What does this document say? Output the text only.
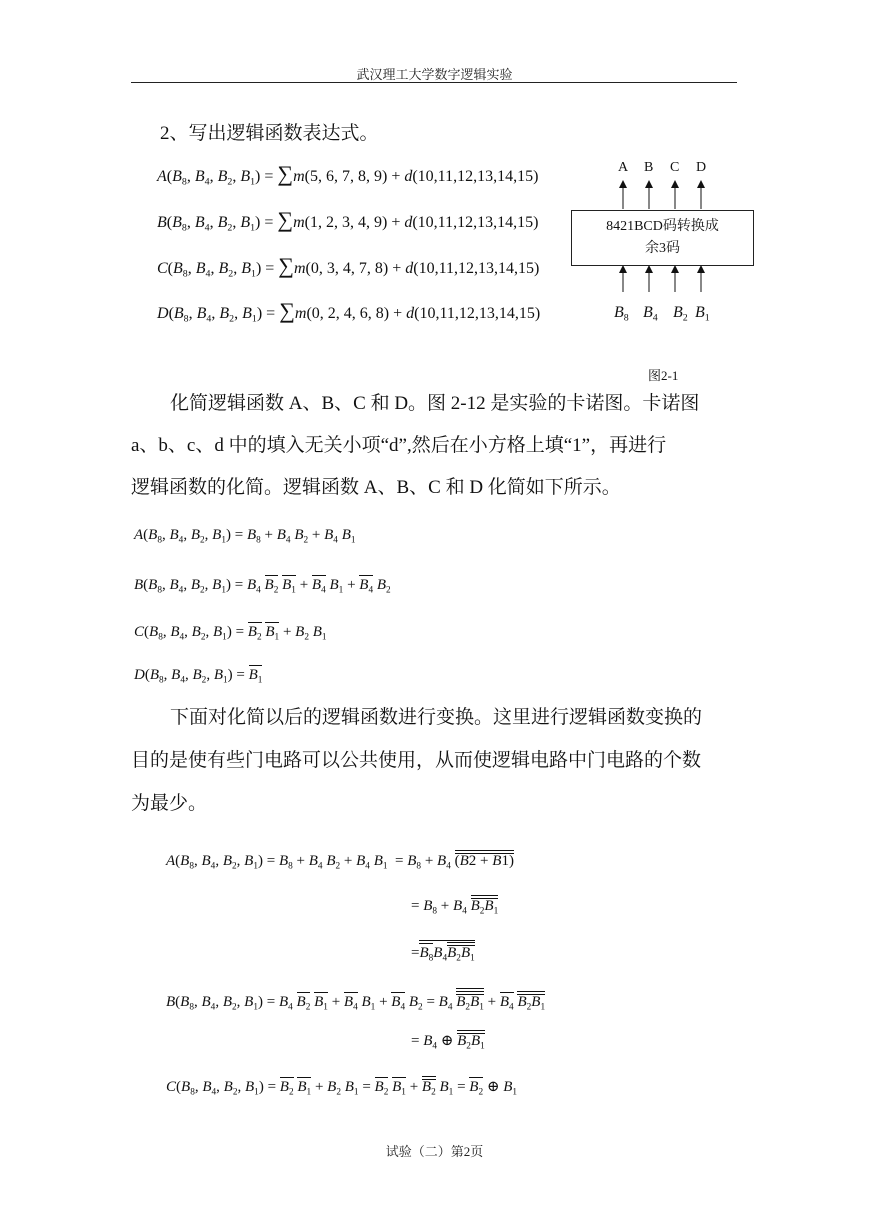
武汉理工大学数字逻辑实验
2、写出逻辑函数表达式。
$A(B_8$, $B_4$, $B_2$, $B_1) = \sum m(5$, 6, 7, 8, 9) + d(10,11,12,13,14,15)
$B(B_8$, $B_4$, $B_2$, $B_1) = \sum m(1$, 2, 3, 4, 9) + d(10,11,12,13,14,15)
$C(B_8$, $B_4$, $B_2$, $B_1) = \sum m(0$, 3, 4, 7, 8) + d(10,11,12,13,14,15)
$D(B_8$, $B_4$, $B_2$, $B_1) = \sum m(0$, 2, 4, 6, 8) + d(10,11,12,13,14,15)
A B C D
8421BCD码转换成
余3码
$B_8$ $B_4$ $B_2$ $B_1$
图2-1
化简逻辑函数 A、B、C 和 D。图 2-12 是实验的卡诺图。卡诺图
a、b、c、d 中的填入无关小项“d”,然后在小方格上填“1”，再进行
逻辑函数的化简。逻辑函数 A、B、C 和 D 化简如下所示。
$A(B_8$, $B_4$, $B_2$, $B_1) = B_8 + B_4$ $B_2 + B_4$ $B_1$
$B(B_8$, $B_4$, $B_2$, $B_1) = B_4$ $B_2$ $B_1 + B_4$ $B_1 + B_4$ $B_2$
$C(B_8$, $B_4$, $B_2$, $B_1) = B_2$ $B_1 + B_2$ $B_1$
$D(B_8$, $B_4$, $B_2$, $B_1) = B_1$
下面对化简以后的逻辑函数进行变换。这里进行逻辑函数变换的
目的是使有些门电路可以公共使用，从而使逻辑电路中门电路的个数
为最少。
$A(B_8$, $B_4$, $B_2$, $B_1) = B_8 + B_4$ $B_2 + B_4$ $B_1 = B_8 + B_4$ (B2 + B1)
= $B_8 + B_4$ $B_2B_1$
$=B_8B_4B_2B_1$
$B(B_8$, $B_4$, $B_2$, $B_1) = B_4$ $B_2$ $B_1 + B_4$ $B_1 + B_4$ $B_2 = B_4$ $B_2B_1 + B_4$ $B_2B_1$
= $B_4$ ⊕ $B_2B_1$
$C(B_8$, $B_4$, $B_2$, $B_1) = B_2$ $B_1 + B_2$ $B_1 = B_2$ $B_1 + B_2$ $B_1 = B_2$ ⊕ $B_1$
试验（二）第2页
